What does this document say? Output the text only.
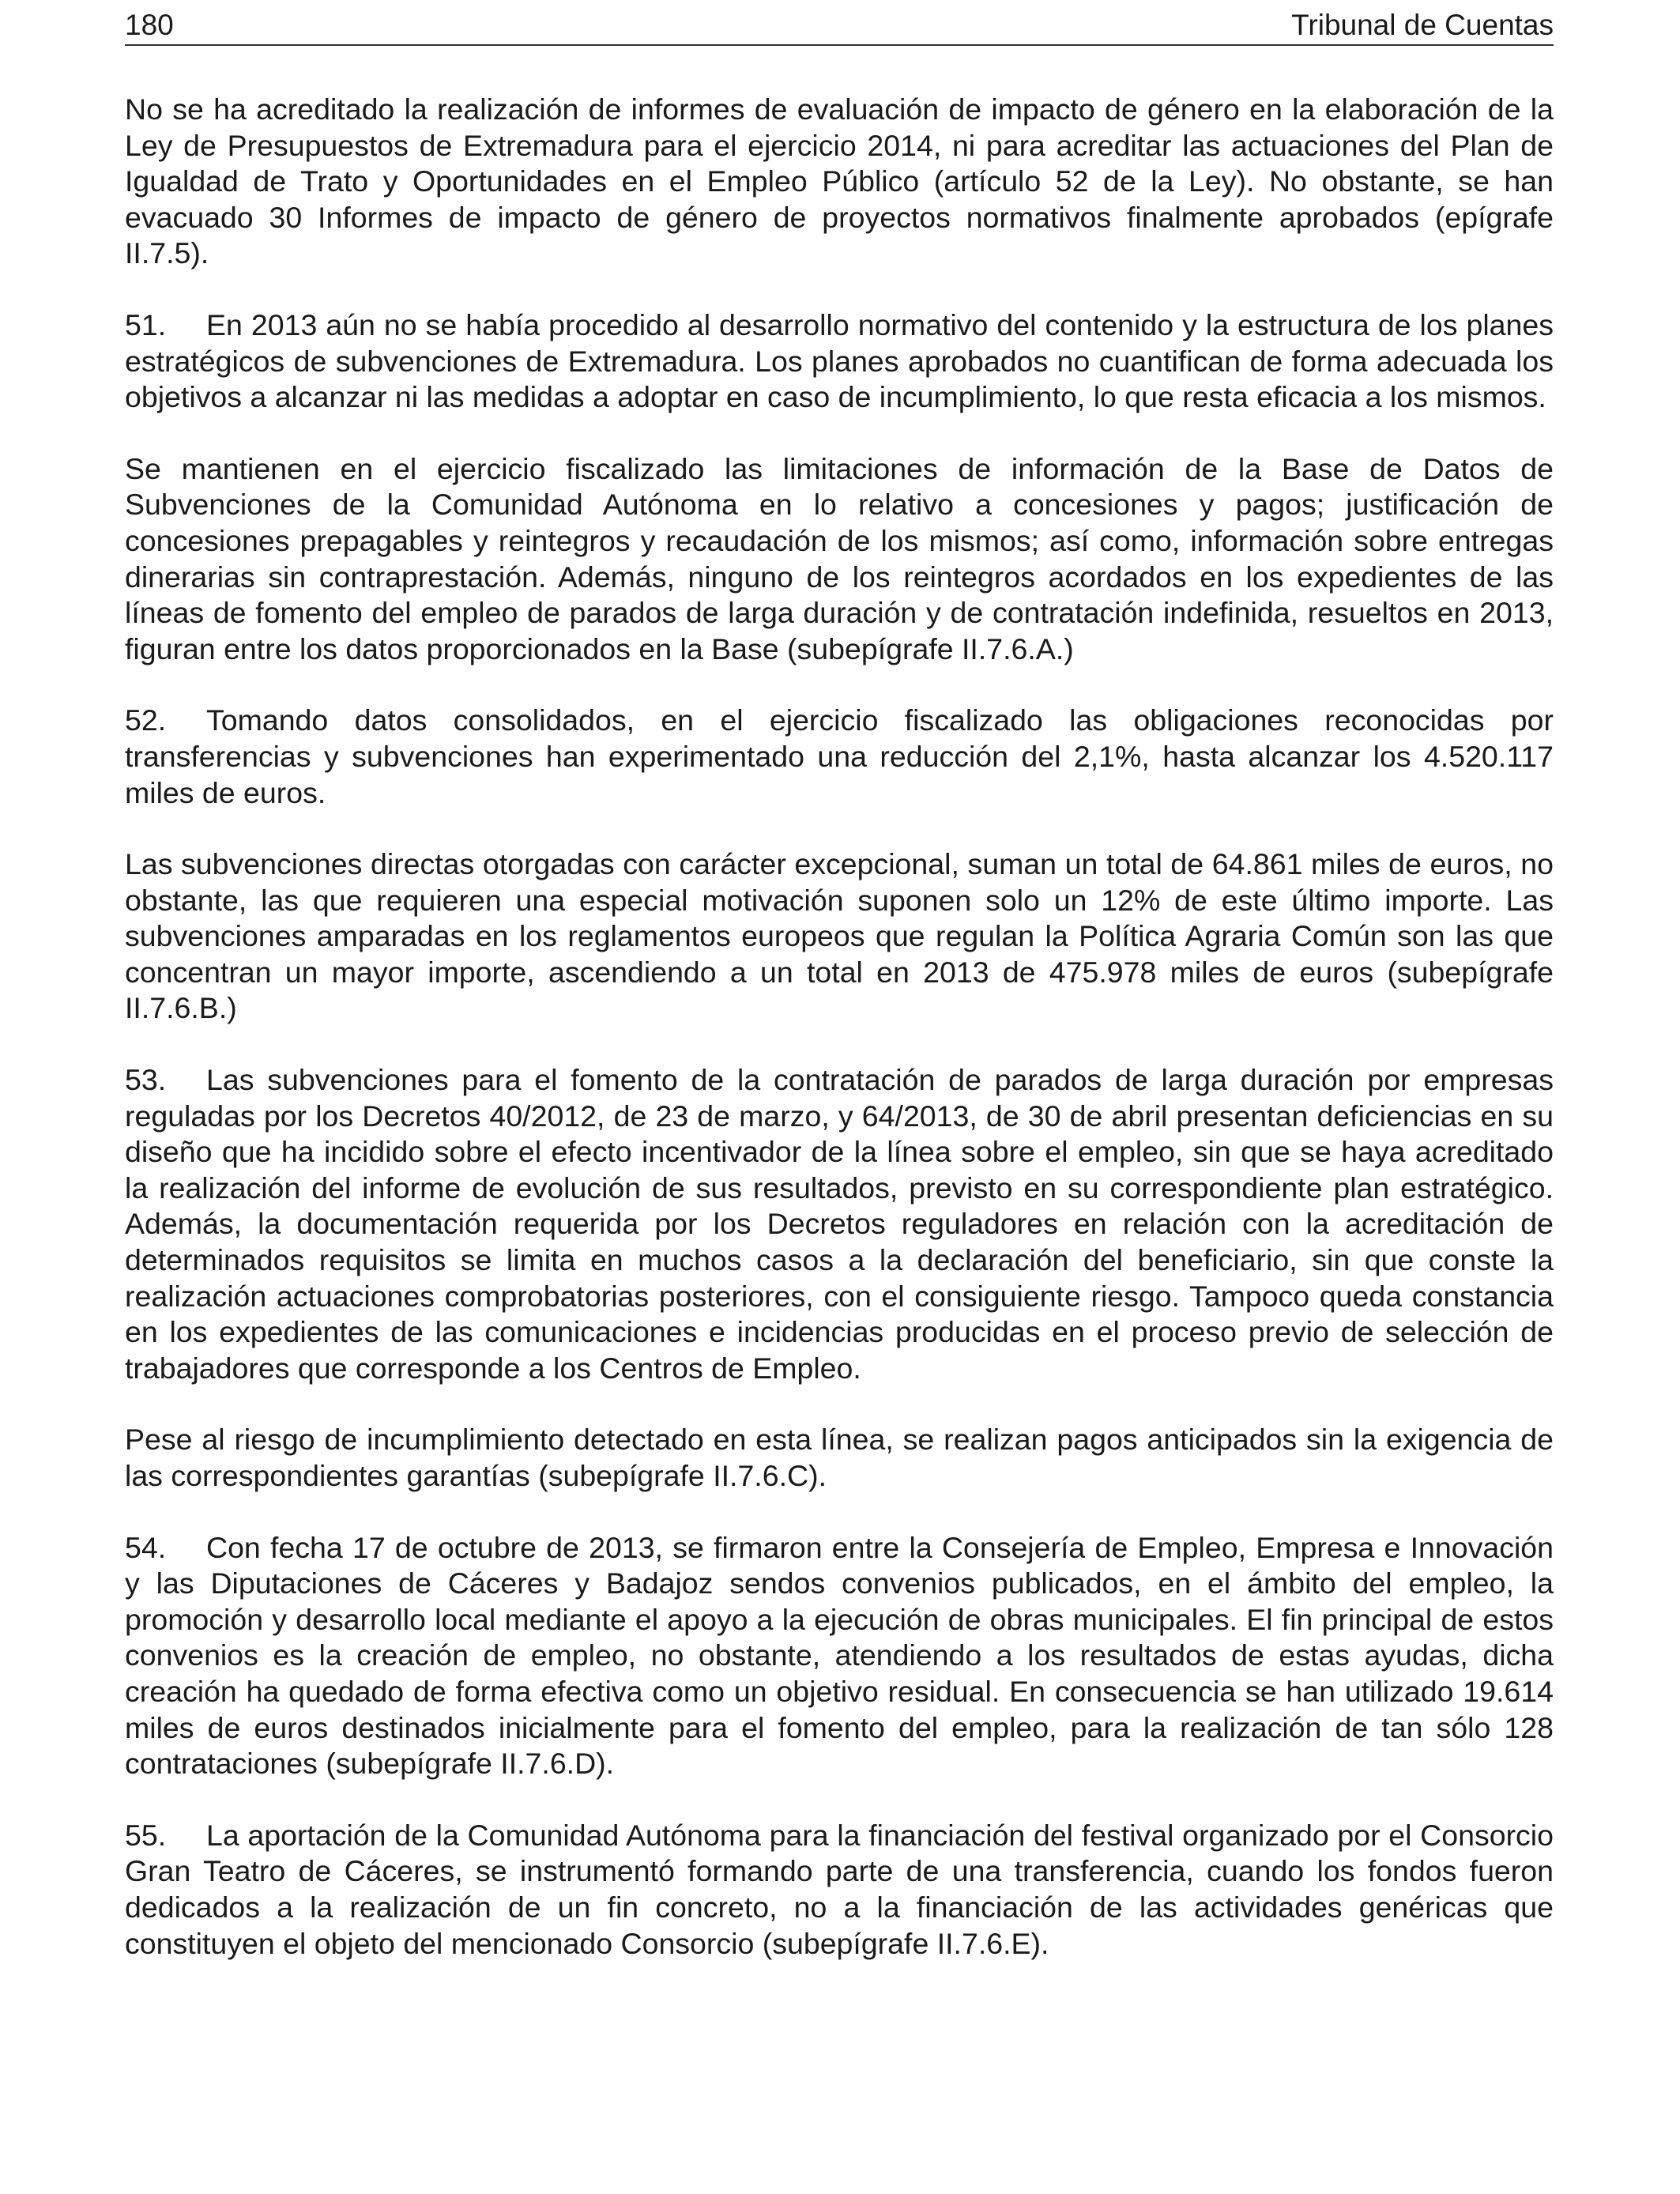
180	Tribunal de Cuentas

No se ha acreditado la realización de informes de evaluación de impacto de género en la elaboración de la Ley de Presupuestos de Extremadura para el ejercicio 2014, ni para acreditar las actuaciones del Plan de Igualdad de Trato y Oportunidades en el Empleo Público (artículo 52 de la Ley). No obstante, se han evacuado 30 Informes de impacto de género de proyectos normativos finalmente aprobados (epígrafe II.7.5).

51. En 2013 aún no se había procedido al desarrollo normativo del contenido y la estructura de los planes estratégicos de subvenciones de Extremadura. Los planes aprobados no cuantifican de forma adecuada los objetivos a alcanzar ni las medidas a adoptar en caso de incumplimiento, lo que resta eficacia a los mismos.

Se mantienen en el ejercicio fiscalizado las limitaciones de información de la Base de Datos de Subvenciones de la Comunidad Autónoma en lo relativo a concesiones y pagos; justificación de concesiones prepagables y reintegros y recaudación de los mismos; así como, información sobre entregas dinerarias sin contraprestación. Además, ninguno de los reintegros acordados en los expedientes de las líneas de fomento del empleo de parados de larga duración y de contratación indefinida, resueltos en 2013, figuran entre los datos proporcionados en la Base (subepígrafe II.7.6.A.)

52. Tomando datos consolidados, en el ejercicio fiscalizado las obligaciones reconocidas por transferencias y subvenciones han experimentado una reducción del 2,1%, hasta alcanzar los 4.520.117 miles de euros.

Las subvenciones directas otorgadas con carácter excepcional, suman un total de 64.861 miles de euros, no obstante, las que requieren una especial motivación suponen solo un 12% de este último importe. Las subvenciones amparadas en los reglamentos europeos que regulan la Política Agraria Común son las que concentran un mayor importe, ascendiendo a un total en 2013 de 475.978 miles de euros (subepígrafe II.7.6.B.)

53. Las subvenciones para el fomento de la contratación de parados de larga duración por empresas reguladas por los Decretos 40/2012, de 23 de marzo, y 64/2013, de 30 de abril presentan deficiencias en su diseño que ha incidido sobre el efecto incentivador de la línea sobre el empleo, sin que se haya acreditado la realización del informe de evolución de sus resultados, previsto en su correspondiente plan estratégico. Además, la documentación requerida por los Decretos reguladores en relación con la acreditación de determinados requisitos se limita en muchos casos a la declaración del beneficiario, sin que conste la realización actuaciones comprobatorias posteriores, con el consiguiente riesgo. Tampoco queda constancia en los expedientes de las comunicaciones e incidencias producidas en el proceso previo de selección de trabajadores que corresponde a los Centros de Empleo.

Pese al riesgo de incumplimiento detectado en esta línea, se realizan pagos anticipados sin la exigencia de las correspondientes garantías (subepígrafe II.7.6.C).

54. Con fecha 17 de octubre de 2013, se firmaron entre la Consejería de Empleo, Empresa e Innovación y las Diputaciones de Cáceres y Badajoz sendos convenios publicados, en el ámbito del empleo, la promoción y desarrollo local mediante el apoyo a la ejecución de obras municipales. El fin principal de estos convenios es la creación de empleo, no obstante, atendiendo a los resultados de estas ayudas, dicha creación ha quedado de forma efectiva como un objetivo residual. En consecuencia se han utilizado 19.614 miles de euros destinados inicialmente para el fomento del empleo, para la realización de tan sólo 128 contrataciones (subepígrafe II.7.6.D).

55. La aportación de la Comunidad Autónoma para la financiación del festival organizado por el Consorcio Gran Teatro de Cáceres, se instrumentó formando parte de una transferencia, cuando los fondos fueron dedicados a la realización de un fin concreto, no a la financiación de las actividades genéricas que constituyen el objeto del mencionado Consorcio (subepígrafe II.7.6.E).
